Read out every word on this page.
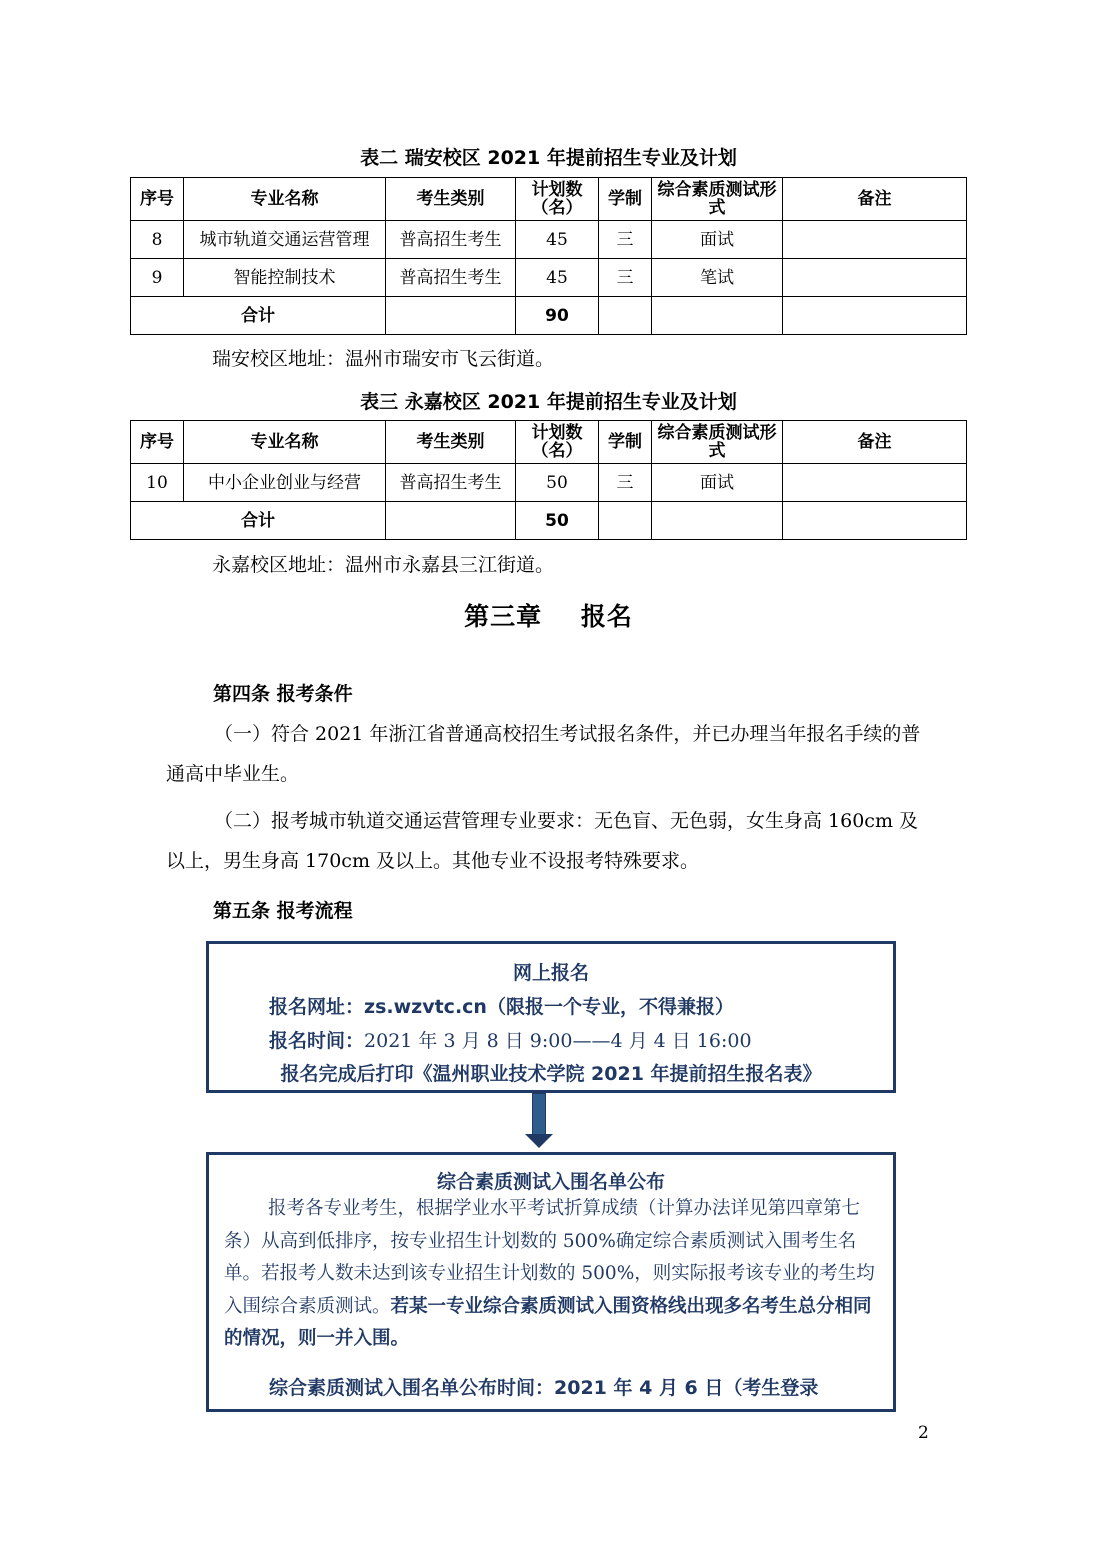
表二 瑞安校区 2021 年提前招生专业及计划
序号	专业名称	考生类别	计划数（名）	学制	综合素质测试形式	备注
8	城市轨道交通运营管理	普高招生考生	45	三	面试	
9	智能控制技术	普高招生考生	45	三	笔试	
合计			90			
瑞安校区地址：温州市瑞安市飞云街道。
表三 永嘉校区 2021 年提前招生专业及计划
序号	专业名称	考生类别	计划数（名）	学制	综合素质测试形式	备注
10	中小企业创业与经营	普高招生考生	50	三	面试	
合计			50			
永嘉校区地址：温州市永嘉县三江街道。
第三章    报名
第四条 报考条件
（一）符合 2021 年浙江省普通高校招生考试报名条件，并已办理当年报名手续的普通高中毕业生。
（二）报考城市轨道交通运营管理专业要求：无色盲、无色弱，女生身高 160cm 及以上，男生身高 170cm 及以上。其他专业不设报考特殊要求。
第五条 报考流程
网上报名
报名网址：zs.wzvtc.cn（限报一个专业，不得兼报）
报名时间：2021 年 3 月 8 日 9:00——4 月 4 日 16:00
报名完成后打印《温州职业技术学院 2021 年提前招生报名表》
综合素质测试入围名单公布
报考各专业考生，根据学业水平考试折算成绩（计算办法详见第四章第七条）从高到低排序，按专业招生计划数的 500%确定综合素质测试入围考生名单。若报考人数未达到该专业招生计划数的 500%，则实际报考该专业的考生均入围综合素质测试。若某一专业综合素质测试入围资格线出现多名考生总分相同的情况，则一并入围。
综合素质测试入围名单公布时间：2021 年 4 月 6 日（考生登录
2
